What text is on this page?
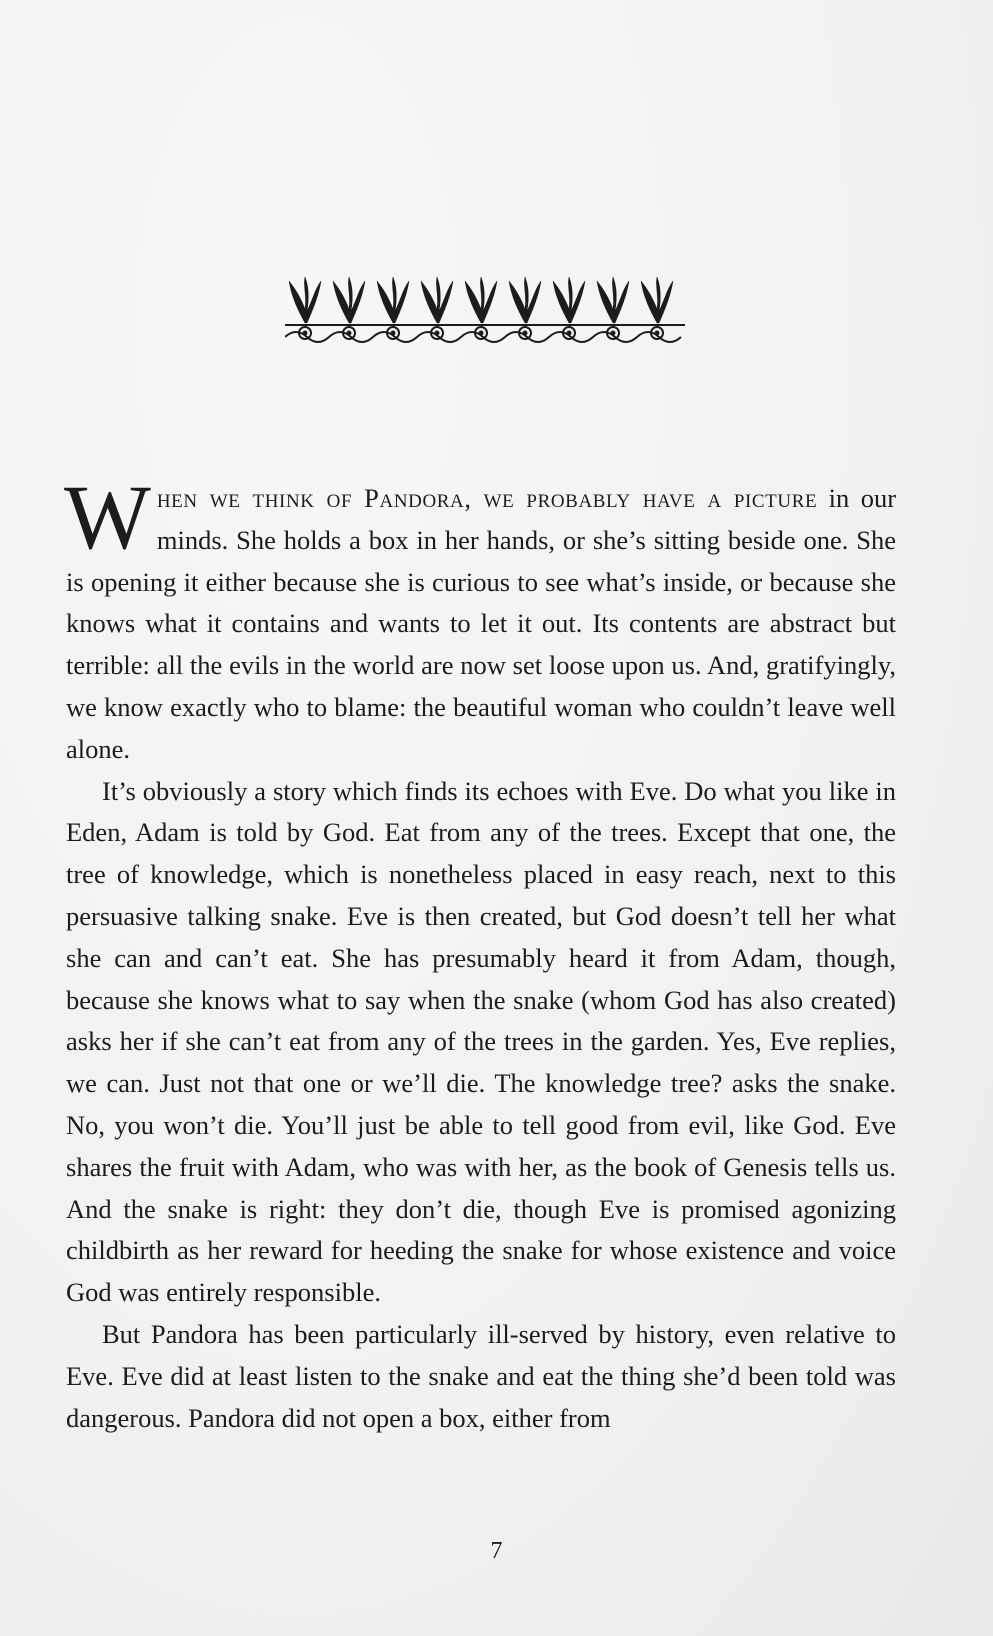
When we think of Pandora, we probably have a picture in our minds. She holds a box in her hands, or she’s sitting beside one. She is opening it either because she is curious to see what’s inside, or because she knows what it contains and wants to let it out. Its contents are abstract but terrible: all the evils in the world are now set loose upon us. And, gratifyingly, we know exactly who to blame: the beautiful woman who couldn’t leave well alone.

It’s obviously a story which finds its echoes with Eve. Do what you like in Eden, Adam is told by God. Eat from any of the trees. Except that one, the tree of knowledge, which is nonetheless placed in easy reach, next to this persuasive talking snake. Eve is then created, but God doesn’t tell her what she can and can’t eat. She has presumably heard it from Adam, though, because she knows what to say when the snake (whom God has also created) asks her if she can’t eat from any of the trees in the garden. Yes, Eve replies, we can. Just not that one or we’ll die. The knowledge tree? asks the snake. No, you won’t die. You’ll just be able to tell good from evil, like God. Eve shares the fruit with Adam, who was with her, as the book of Genesis tells us. And the snake is right: they don’t die, though Eve is promised agonizing childbirth as her reward for heeding the snake for whose existence and voice God was entirely responsible.

But Pandora has been particularly ill-served by history, even relative to Eve. Eve did at least listen to the snake and eat the thing she’d been told was dangerous. Pandora did not open a box, either from

7
